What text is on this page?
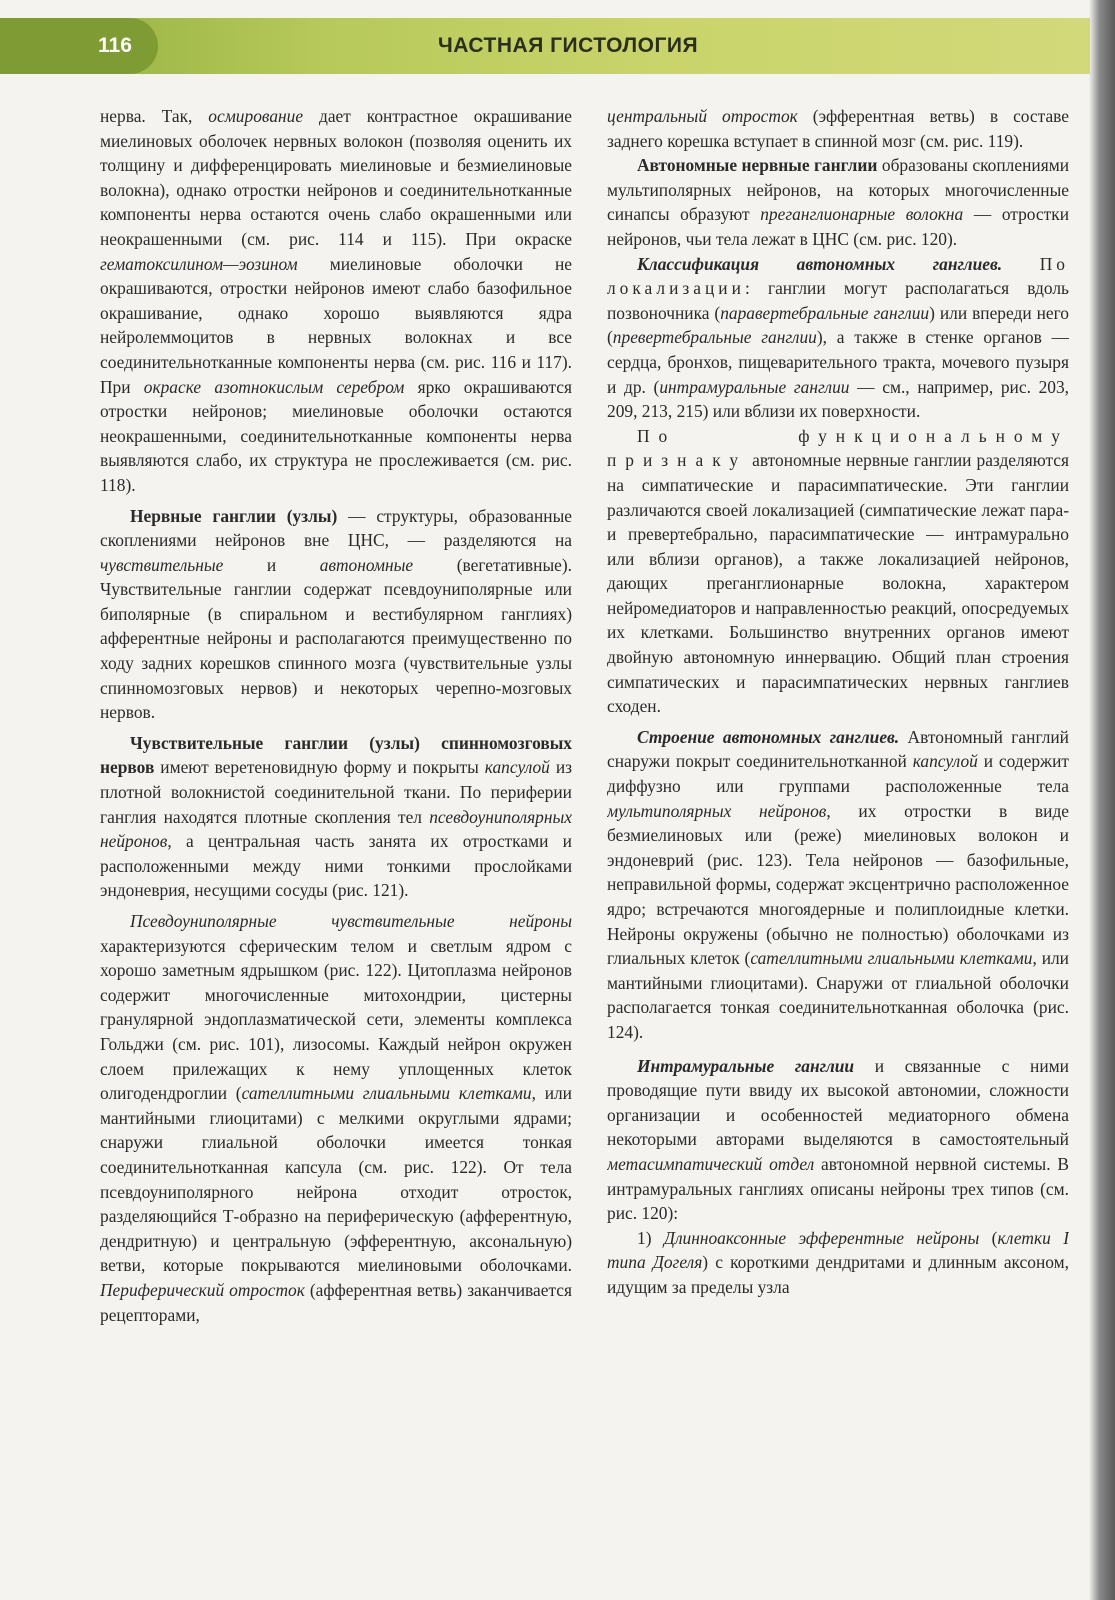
116	ЧАСТНАЯ ГИСТОЛОГИЯ

нерва. Так, осмирование дает контрастное окрашивание миелиновых оболочек нервных волокон (позволяя оценить их толщину и дифференцировать миелиновые и безмиелиновые волокна), однако отростки нейронов и соединительнотканные компоненты нерва остаются очень слабо окрашенными или неокрашенными (см. рис. 114 и 115). При окраске гематоксилином—эозином миелиновые оболочки не окрашиваются, отростки нейронов имеют слабо базофильное окрашивание, однако хорошо выявляются ядра нейролеммоцитов в нервных волокнах и все соединительнотканные компоненты нерва (см. рис. 116 и 117). При окраске азотнокислым серебром ярко окрашиваются отростки нейронов; миелиновые оболочки остаются неокрашенными, соединительнотканные компоненты нерва выявляются слабо, их структура не прослеживается (см. рис. 118).

Нервные ганглии (узлы) — структуры, образованные скоплениями нейронов вне ЦНС, — разделяются на чувствительные и автономные (вегетативные). Чувствительные ганглии содержат псевдоуниполярные или биполярные (в спиральном и вестибулярном ганглиях) афферентные нейроны и располагаются преимущественно по ходу задних корешков спинного мозга (чувствительные узлы спинномозговых нервов) и некоторых черепно-мозговых нервов.

Чувствительные ганглии (узлы) спинномозговых нервов имеют веретеновидную форму и покрыты капсулой из плотной волокнистой соединительной ткани. По периферии ганглия находятся плотные скопления тел псевдоуниполярных нейронов, а центральная часть занята их отростками и расположенными между ними тонкими прослойками эндоневрия, несущими сосуды (рис. 121).

Псевдоуниполярные чувствительные нейроны характеризуются сферическим телом и светлым ядром с хорошо заметным ядрышком (рис. 122). Цитоплазма нейронов содержит многочисленные митохондрии, цистерны гранулярной эндоплазматической сети, элементы комплекса Гольджи (см. рис. 101), лизосомы. Каждый нейрон окружен слоем прилежащих к нему уплощенных клеток олигодендроглии (сателлитными глиальными клетками, или мантийными глиоцитами) с мелкими округлыми ядрами; снаружи глиальной оболочки имеется тонкая соединительнотканная капсула (см. рис. 122). От тела псевдоуниполярного нейрона отходит отросток, разделяющийся Т-образно на периферическую (афферентную, дендритную) и центральную (эфферентную, аксональную) ветви, которые покрываются миелиновыми оболочками. Периферический отросток (афферентная ветвь) заканчивается рецепторами,

центральный отросток (эфферентная ветвь) в составе заднего корешка вступает в спинной мозг (см. рис. 119).

Автономные нервные ганглии образованы скоплениями мультиполярных нейронов, на которых многочисленные синапсы образуют преганглионарные волокна — отростки нейронов, чьи тела лежат в ЦНС (см. рис. 120).

Классификация автономных ганглиев. По локализации: ганглии могут располагаться вдоль позвоночника (паравертебральные ганглии) или впереди него (превертебральные ганглии), а также в стенке органов — сердца, бронхов, пищеварительного тракта, мочевого пузыря и др. (интрамуральные ганглии — см., например, рис. 203, 209, 213, 215) или вблизи их поверхности.

По функциональному признаку автономные нервные ганглии разделяются на симпатические и парасимпатические. Эти ганглии различаются своей локализацией (симпатические лежат пара- и превертебрально, парасимпатические — интрамурально или вблизи органов), а также локализацией нейронов, дающих преганглионарные волокна, характером нейромедиаторов и направленностью реакций, опосредуемых их клетками. Большинство внутренних органов имеют двойную автономную иннервацию. Общий план строения симпатических и парасимпатических нервных ганглиев сходен.

Строение автономных ганглиев. Автономный ганглий снаружи покрыт соединительнотканной капсулой и содержит диффузно или группами расположенные тела мультиполярных нейронов, их отростки в виде безмиелиновых или (реже) миелиновых волокон и эндоневрий (рис. 123). Тела нейронов — базофильные, неправильной формы, содержат эксцентрично расположенное ядро; встречаются многоядерные и полиплоидные клетки. Нейроны окружены (обычно не полностью) оболочками из глиальных клеток (сателлитными глиальными клетками, или мантийными глиоцитами). Снаружи от глиальной оболочки располагается тонкая соединительнотканная оболочка (рис. 124).

Интрамуральные ганглии и связанные с ними проводящие пути ввиду их высокой автономии, сложности организации и особенностей медиаторного обмена некоторыми авторами выделяются в самостоятельный метасимпатический отдел автономной нервной системы. В интрамуральных ганглиях описаны нейроны трех типов (см. рис. 120):

1) Длинноаксонные эфферентные нейроны (клетки I типа Догеля) с короткими дендритами и длинным аксоном, идущим за пределы узла
